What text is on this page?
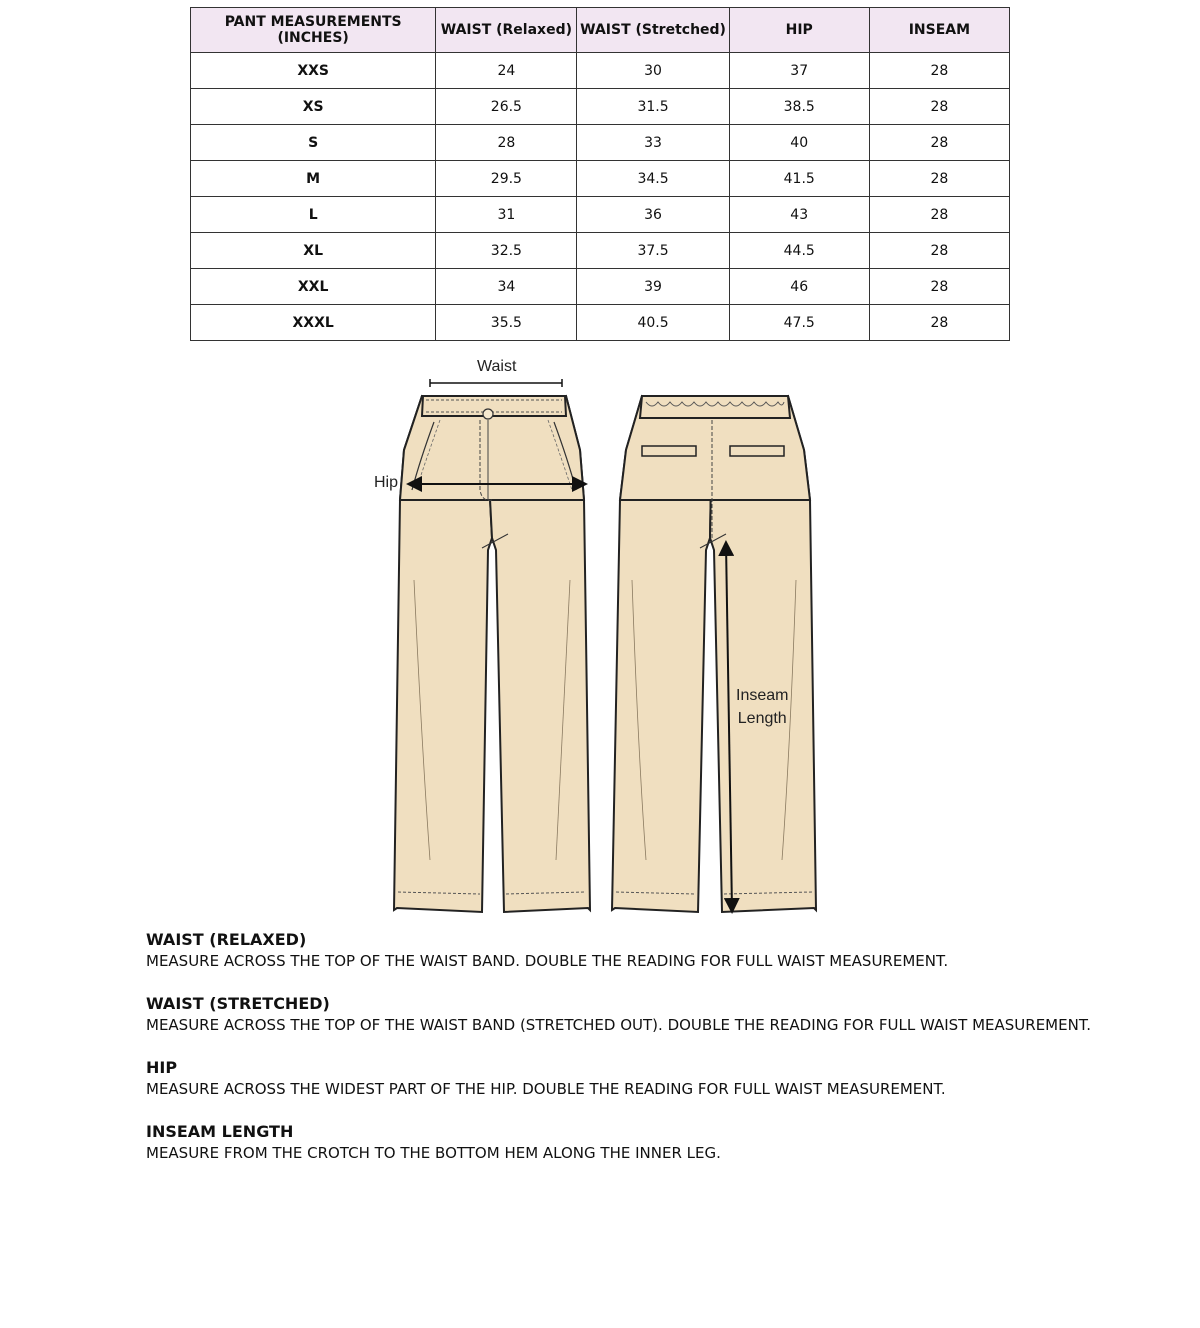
PANT MEASUREMENTS (INCHES)	WAIST (Relaxed)	WAIST (Stretched)	HIP	INSEAM
XXS	24	30	37	28
XS	26.5	31.5	38.5	28
S	28	33	40	28
M	29.5	34.5	41.5	28
L	31	36	43	28
XL	32.5	37.5	44.5	28
XXL	34	39	46	28
XXXL	35.5	40.5	47.5	28
Waist
Hip
Inseam
Length
WAIST (RELAXED)
MEASURE ACROSS THE TOP OF THE WAIST BAND. DOUBLE THE READING FOR FULL WAIST MEASUREMENT.
WAIST (STRETCHED)
MEASURE ACROSS THE TOP OF THE WAIST BAND (STRETCHED OUT). DOUBLE THE READING FOR FULL WAIST MEASUREMENT.
HIP
MEASURE ACROSS THE WIDEST PART OF THE HIP. DOUBLE THE READING FOR FULL WAIST MEASUREMENT.
INSEAM LENGTH
MEASURE FROM THE CROTCH TO THE BOTTOM HEM ALONG THE INNER LEG.
